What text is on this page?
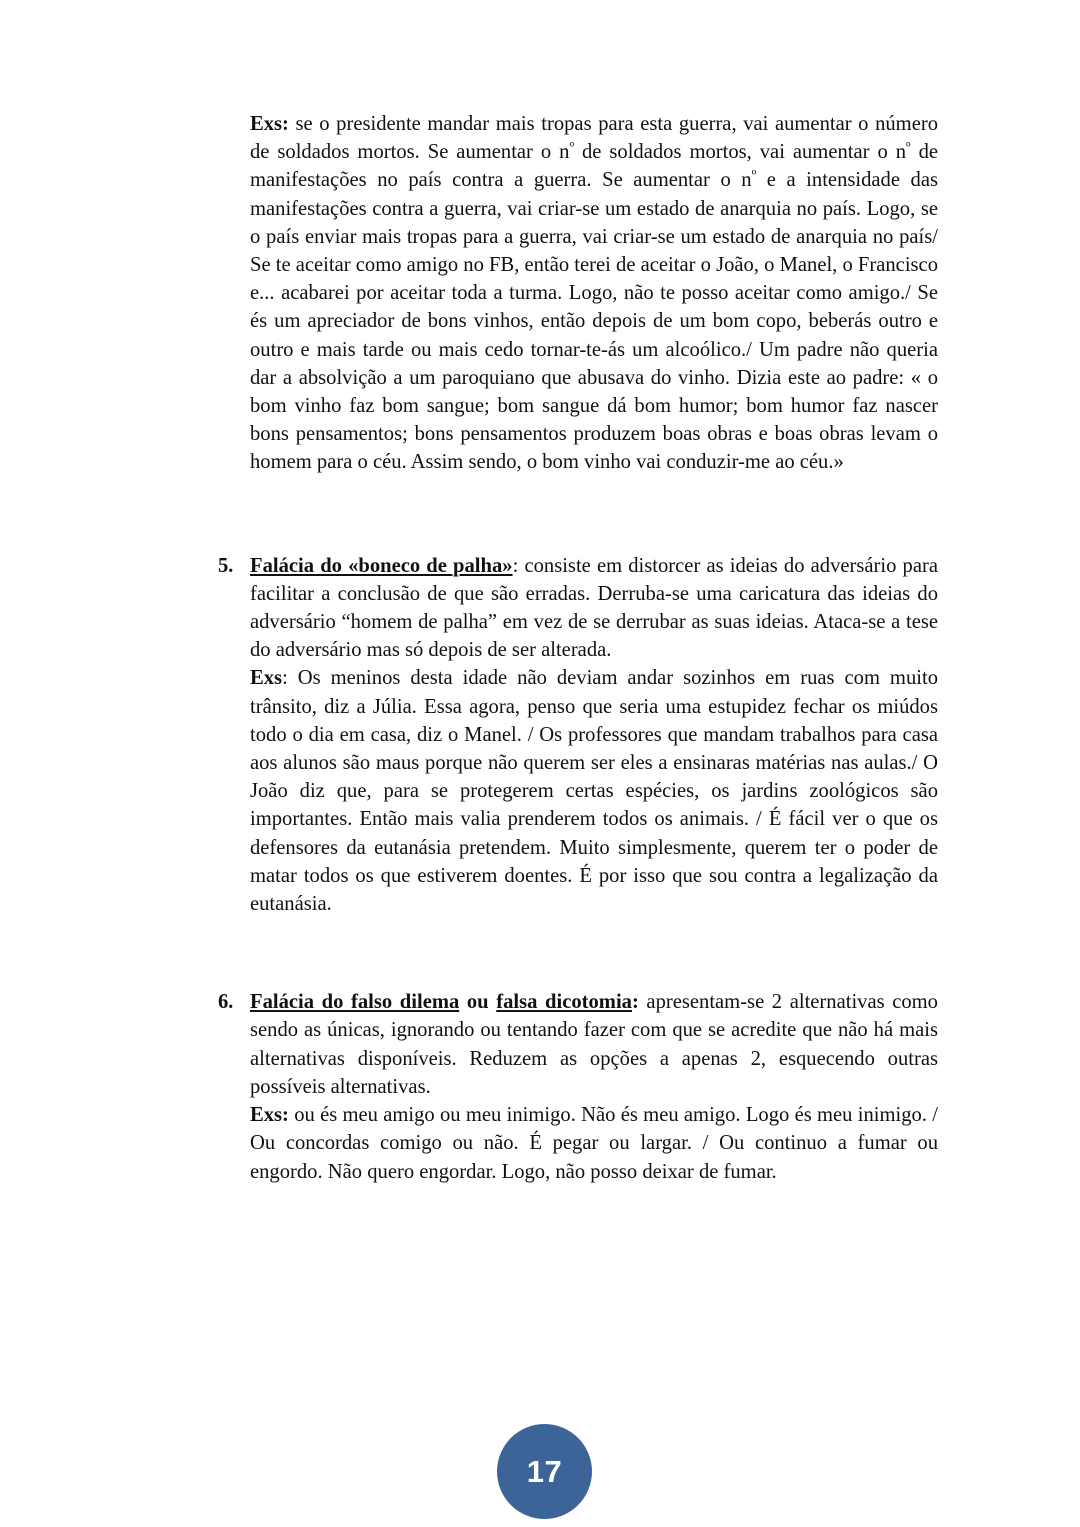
Exs: se o presidente mandar mais tropas para esta guerra, vai aumentar o número de soldados mortos. Se aumentar o $n^º$ de soldados mortos, vai aumentar o $n^º$ de manifestações no país contra a guerra. Se aumentar o $n^º$ e a intensidade das manifestações contra a guerra, vai criar-se um estado de anarquia no país. Logo, se o país enviar mais tropas para a guerra, vai criar-se um estado de anarquia no país/ Se te aceitar como amigo no FB, então terei de aceitar o João, o Manel, o Francisco e... acabarei por aceitar toda a turma. Logo, não te posso aceitar como amigo./ Se és um apreciador de bons vinhos, então depois de um bom copo, beberás outro e outro e mais tarde ou mais cedo tornar-te-ás um alcoólico./ Um padre não queria dar a absolvição a um paroquiano que abusava do vinho. Dizia este ao padre: « o bom vinho faz bom sangue; bom sangue dá bom humor; bom humor faz nascer bons pensamentos; bons pensamentos produzem boas obras e boas obras levam o homem para o céu. Assim sendo, o bom vinho vai conduzir-me ao céu.»
5. Falácia do «boneco de palha»: consiste em distorcer as ideias do adversário para facilitar a conclusão de que são erradas. Derruba-se uma caricatura das ideias do adversário “homem de palha” em vez de se derrubar as suas ideias. Ataca-se a tese do adversário mas só depois de ser alterada.
Exs: Os meninos desta idade não deviam andar sozinhos em ruas com muito trânsito, diz a Júlia. Essa agora, penso que seria uma estupidez fechar os miúdos todo o dia em casa, diz o Manel. / Os professores que mandam trabalhos para casa aos alunos são maus porque não querem ser eles a ensinaras matérias nas aulas./ O João diz que, para se protegerem certas espécies, os jardins zoológicos são importantes. Então mais valia prenderem todos os animais. / É fácil ver o que os defensores da eutanásia pretendem. Muito simplesmente, querem ter o poder de matar todos os que estiverem doentes. É por isso que sou contra a legalização da eutanásia.
6. Falácia do falso dilema ou falsa dicotomia: apresentam-se 2 alternativas como sendo as únicas, ignorando ou tentando fazer com que se acredite que não há mais alternativas disponíveis. Reduzem as opções a apenas 2, esquecendo outras possíveis alternativas.
Exs: ou és meu amigo ou meu inimigo. Não és meu amigo. Logo és meu inimigo. / Ou concordas comigo ou não. É pegar ou largar. / Ou continuo a fumar ou engordo. Não quero engordar. Logo, não posso deixar de fumar.
17
